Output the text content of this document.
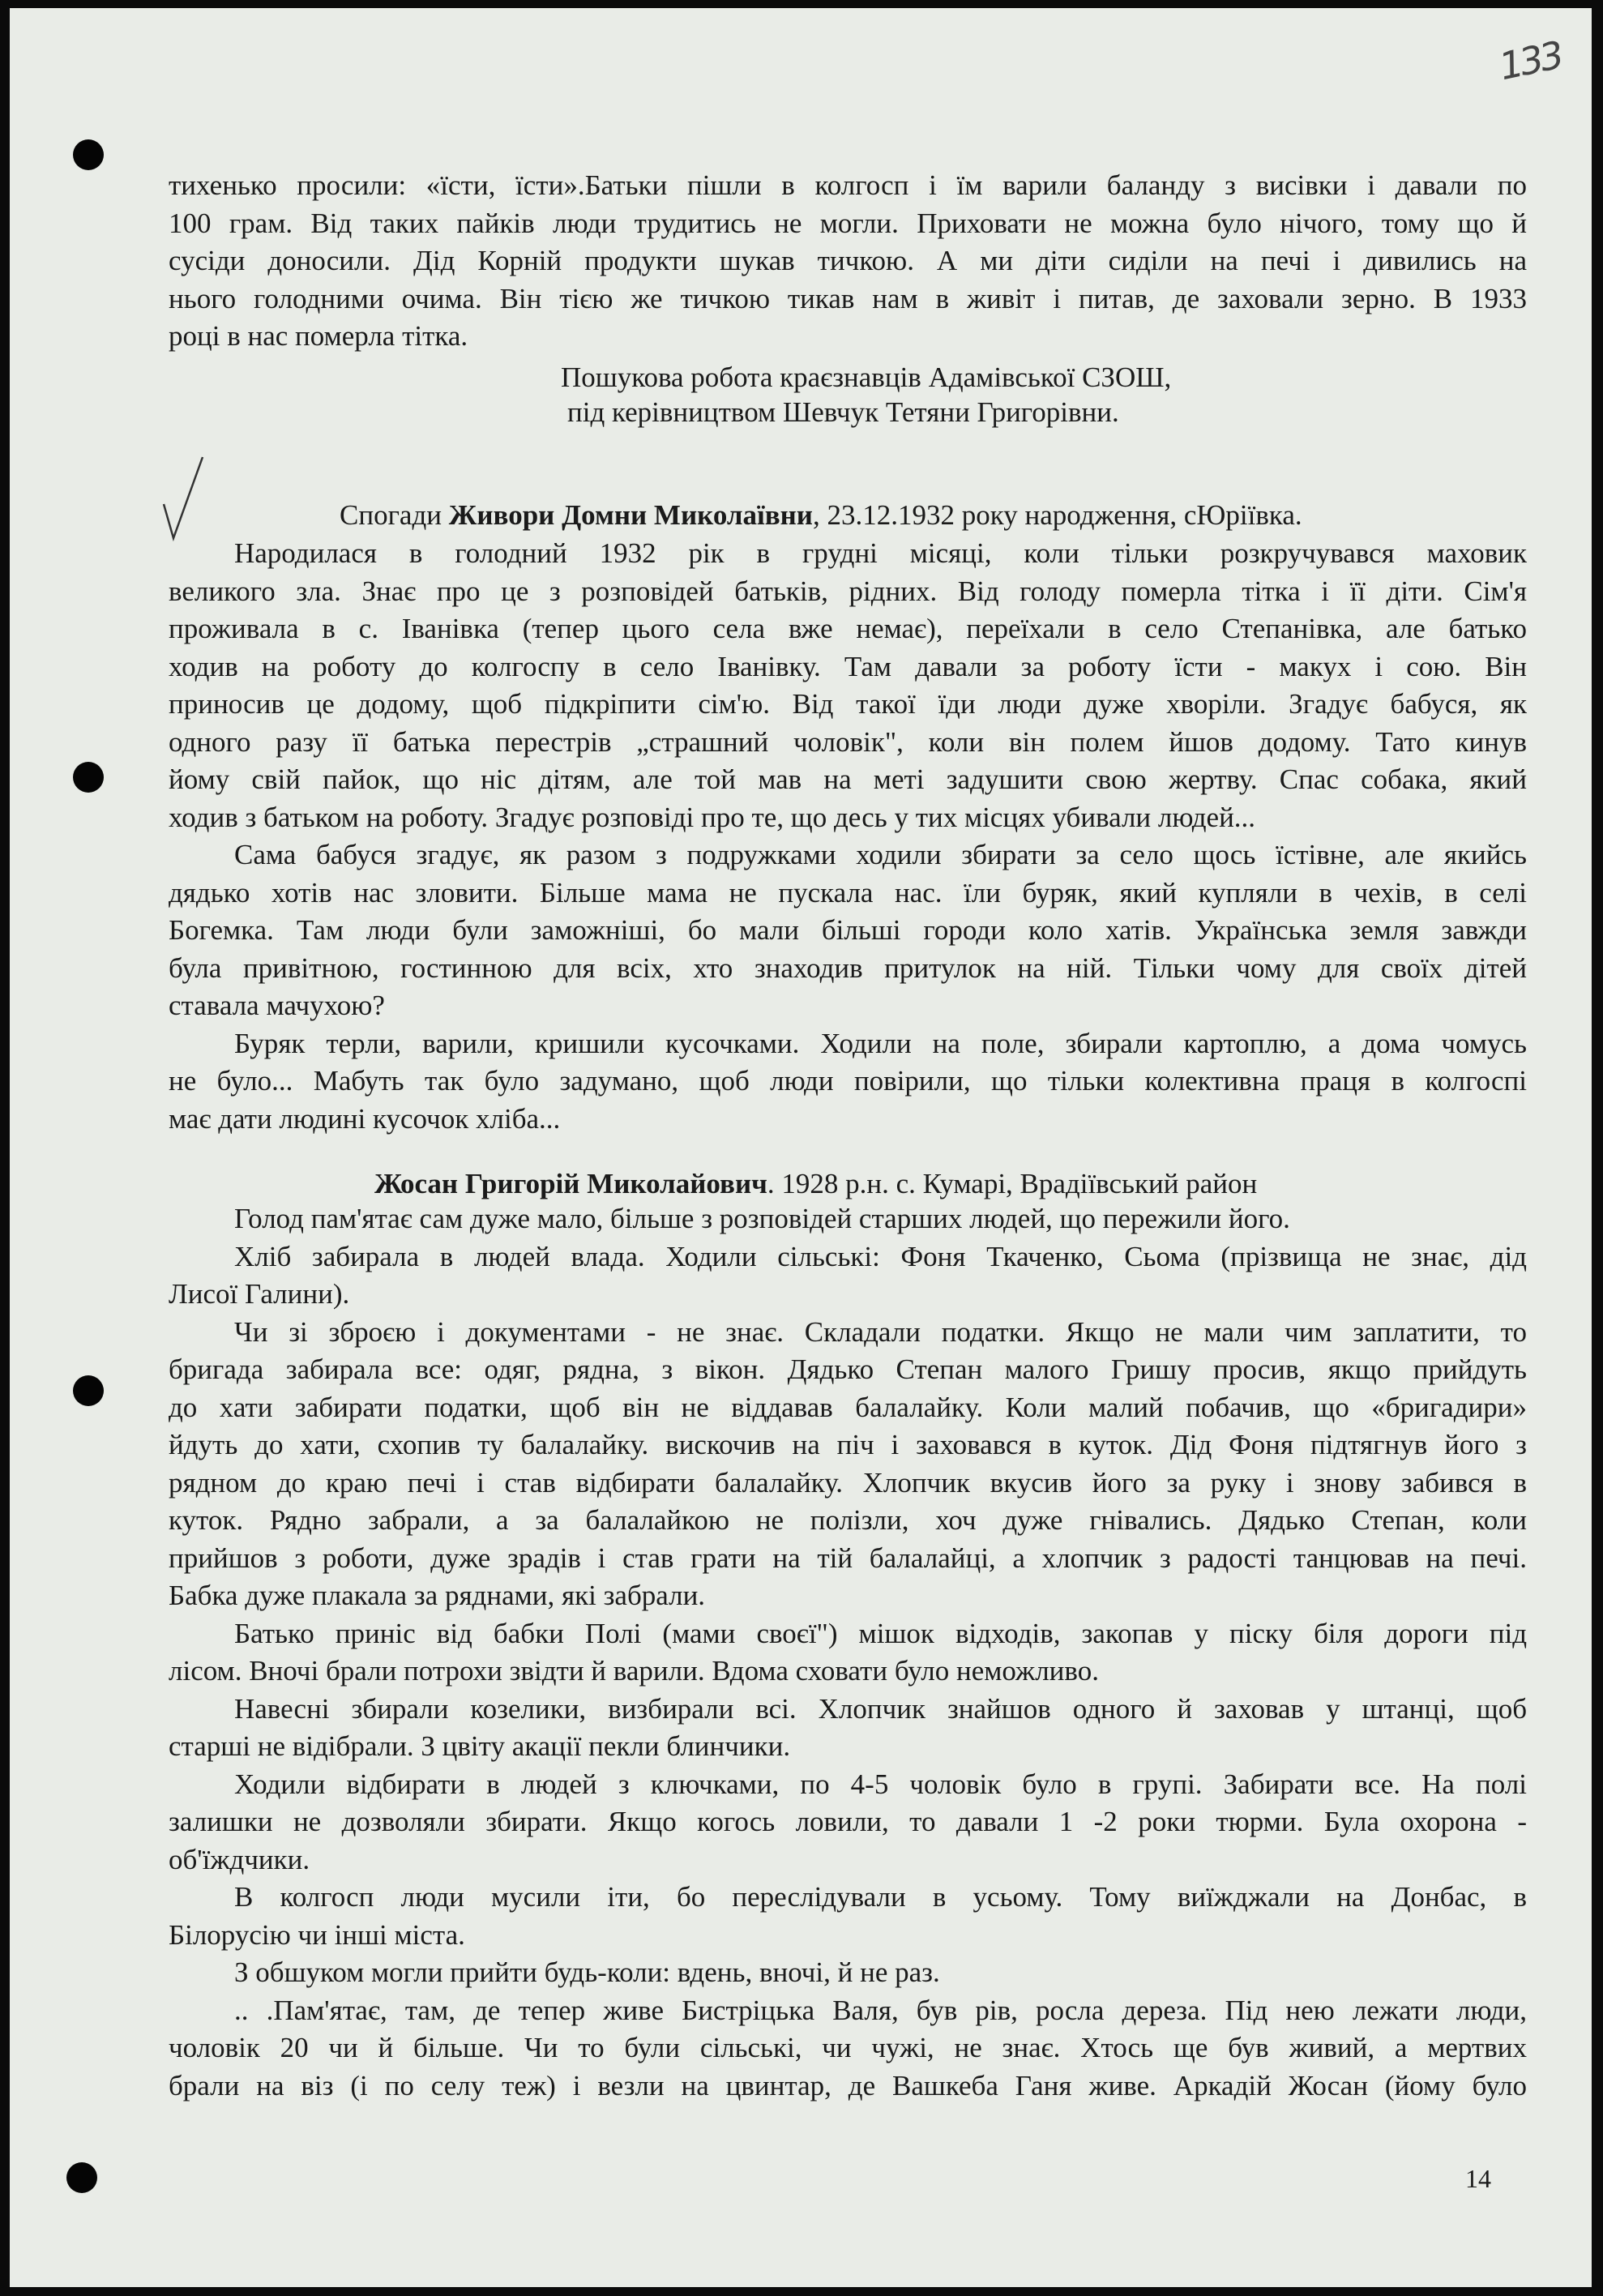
133
тихенько просили: «їсти, їсти».Батьки пішли в колгосп і їм варили баланду з висівки і давали по
100 грам. Від таких пайків люди трудитись не могли. Приховати не можна було нічого, тому що й
сусіди доносили. Дід Корній продукти шукав тичкою. А ми діти сиділи на печі і дивились на
нього голодними очима. Він тією же тичкою тикав нам в живіт і питав, де заховали зерно. В 1933
році в нас померла тітка.
Пошукова робота краєзнавців Адамівської СЗОШ,
під керівництвом Шевчук Тетяни Григорівни.
Спогади Живори Домни Миколаївни, 23.12.1932 року народження, сЮріївка.
Народилася в голодний 1932 рік в грудні місяці, коли тільки розкручувався маховик
великого зла. Знає про це з розповідей батьків, рідних. Від голоду померла тітка і її діти. Сім'я
проживала в с. Іванівка (тепер цього села вже немає), переїхали в село Степанівка, але батько
ходив на роботу до колгоспу в село Іванівку. Там давали за роботу їсти - макух і сою. Він
приносив це додому, щоб підкріпити сім'ю. Від такої їди люди дуже хворіли. Згадує бабуся, як
одного разу її батька перестрів „страшний чоловік", коли він полем йшов додому. Тато кинув
йому свій пайок, що ніс дітям, але той мав на меті задушити свою жертву. Спас собака, який
ходив з батьком на роботу. Згадує розповіді про те, що десь у тих місцях убивали людей...
Сама бабуся згадує, як разом з подружками ходили збирати за село щось їстівне, але якийсь
дядько хотів нас зловити. Більше мама не пускала нас. їли буряк, який купляли в чехів, в селі
Богемка. Там люди були заможніші, бо мали більші городи коло хатів. Українська земля завжди
була привітною, гостинною для всіх, хто знаходив притулок на ній. Тільки чому для своїх дітей
ставала мачухою?
Буряк терли, варили, кришили кусочками. Ходили на поле, збирали картоплю, а дома чомусь
не було... Мабуть так було задумано, щоб люди повірили, що тільки колективна праця в колгоспі
має дати людині кусочок хліба...
Жосан Григорій Миколайович. 1928 р.н. с. Кумарі, Врадіївський район
Голод пам'ятає сам дуже мало, більше з розповідей старших людей, що пережили його.
Хліб забирала в людей влада. Ходили сільські: Фоня Ткаченко, Сьома (прізвища не знає, дід
Лисої Галини).
Чи зі зброєю і документами - не знає. Складали податки. Якщо не мали чим заплатити, то
бригада забирала все: одяг, рядна, з вікон. Дядько Степан малого Гришу просив, якщо прийдуть
до хати забирати податки, щоб він не віддавав балалайку. Коли малий побачив, що «бригадири»
йдуть до хати, схопив ту балалайку. вискочив на піч і заховався в куток. Дід Фоня підтягнув його з
рядном до краю печі і став відбирати балалайку. Хлопчик вкусив його за руку і знову забився в
куток. Рядно забрали, а за балалайкою не полізли, хоч дуже гнівались. Дядько Степан, коли
прийшов з роботи, дуже зрадів і став грати на тій балалайці, а хлопчик з радості танцював на печі.
Бабка дуже плакала за ряднами, які забрали.
Батько приніс від бабки Полі (мами своєї") мішок відходів, закопав у піску біля дороги під
лісом. Вночі брали потрохи звідти й варили. Вдома сховати було неможливо.
Навесні збирали козелики, визбирали всі. Хлопчик знайшов одного й заховав у штанці, щоб
старші не відібрали. З цвіту акації пекли блинчики.
Ходили відбирати в людей з ключками, по 4-5 чоловік було в групі. Забирати все. На полі
залишки не дозволяли збирати. Якщо когось ловили, то давали 1 -2 роки тюрми. Була охорона -
об'їждчики.
В колгосп люди мусили іти, бо переслідували в усьому. Тому виїжджали на Донбас, в
Білорусію чи інші міста.
З обшуком могли прийти будь-коли: вдень, вночі, й не раз.
.. .Пам'ятає, там, де тепер живе Бистріцька Валя, був рів, росла дереза. Під нею лежати люди,
чоловік 20 чи й більше. Чи то були сільські, чи чужі, не знає. Хтось ще був живий, а мертвих
брали на віз (і по селу теж) і везли на цвинтар, де Вашкеба Ганя живе. Аркадій Жосан (йому було
14
